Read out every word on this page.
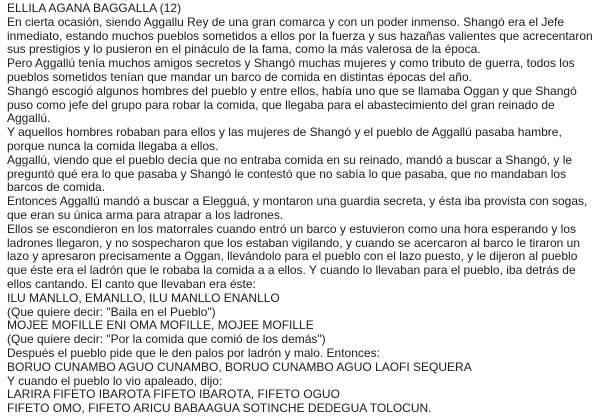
ELLILA AGANA BAGGALLA (12)

En cierta ocasión, siendo Aggallu Rey de una gran comarca y con un poder inmenso. Shangó era el Jefe inmediato, estando muchos pueblos sometidos a ellos por la fuerza y sus hazañas valientes que acrecentaron sus prestigios y lo pusieron en el pináculo de la fama, como la más valerosa de la época.

Pero Aggallú tenía muchos amigos secretos y Shangó muchas mujeres y como tributo de guerra, todos los pueblos sometidos tenían que mandar un barco de comida en distintas épocas del año.

Shangó escogió algunos hombres del pueblo y entre ellos, había uno que se llamaba Oggan y que Shangó puso como jefe del grupo para robar la comida, que llegaba para el abastecimiento del gran reinado de Aggallú.

Y aquellos hombres robaban para ellos y las mujeres de Shangó y el pueblo de Aggallú pasaba hambre, porque nunca la comida llegaba a ellos.

Aggallú, viendo que el pueblo decía que no entraba comida en su reinado, mandó a buscar a Shangó, y le preguntó qué era lo que pasaba y Shangó le contestó que no sabía lo que pasaba, que no mandaban los barcos de comida.

Entonces Aggallú mandó a buscar a Elegguá, y montaron una guardia secreta, y ésta iba provista con sogas, que eran su única arma para atrapar a los ladrones.

Ellos se escondieron en los matorrales cuando entró un barco y estuvieron como una hora esperando y los ladrones llegaron, y no sospecharon que los estaban vigilando, y cuando se acercaron al barco le tiraron un lazo y apresaron precisamente a Oggan, llevándolo para el pueblo con el lazo puesto, y le dijeron al pueblo que éste era el ladrón que le robaba la comida a a ellos. Y cuando lo llevaban para el pueblo, iba detrás de ellos cantando. El canto que llevaban era éste:

ILU MANLLO, EMANLLO, ILU MANLLO ENANLLO

(Que quiere decir: "Baila en el Pueblo")

MOJEE MOFILLE ENI OMA MOFILLE, MOJEE MOFILLE

(Que quiere decir: "Por la comida que comió de los demás")

Después el pueblo pide que le den palos por ladrón y malo. Entonces:

BORUO CUNAMBO AGUO CUNAMBO, BORUO CUNAMBO AGUO LAOFI SEQUERA

Y cuando el pueblo lo vio apaleado, dijo:

LARIRA FIFETO IBAROTA FIFETO IBAROTA, FIFETO OGUO

FIFETO OMO, FIFETO ARICU BABAAGUA SOTINCHE DEDEGUA TOLOCUN.
